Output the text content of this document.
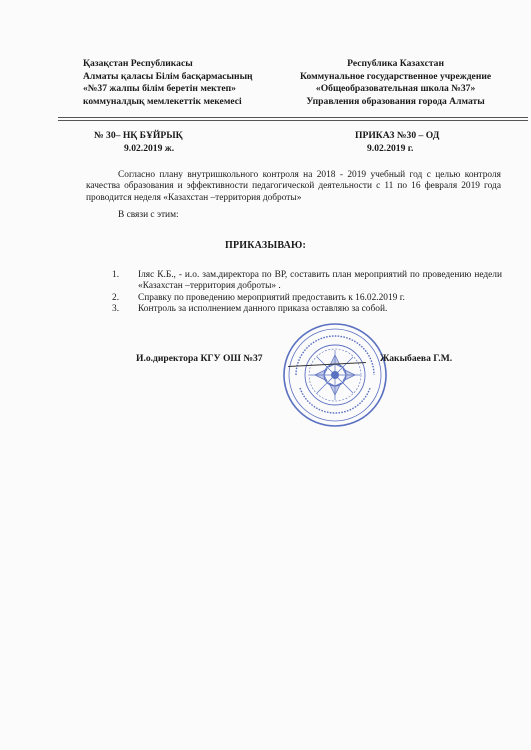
Қазақстан Республикасы
Алматы қаласы Білім басқармасының
«№37 жалпы білім беретін мектеп»
коммуналдық мемлекеттік мекемесі
Республика Казахстан
Коммунальное государственное учреждение
«Общеобразовательная школа №37»
Управления образования города Алматы
№ 30– НҚ БҰЙРЫҚ
9.02.2019 ж.
ПРИКАЗ №30 – ОД
9.02.2019 г.

Согласно плану внутришкольного контроля на 2018 - 2019 учебный год с целью контроля качества образования и эффективности педагогической деятельности с 11 по 16 февраля 2019 года проводится неделя «Казахстан –территория доброты»

В связи с этим:
ПРИКАЗЫВАЮ:
1.	Іляс К.Б., - и.о. зам.директора по ВР, составить план мероприятий по проведению недели «Казахстан –территория доброты» .
2.	Справку по проведению мероприятий предоставить к 16.02.2019 г.
3.	Контроль за исполнением данного приказа оставляю за собой.
И.о.директора КГУ ОШ №37	Жакыбаева Г.М.
